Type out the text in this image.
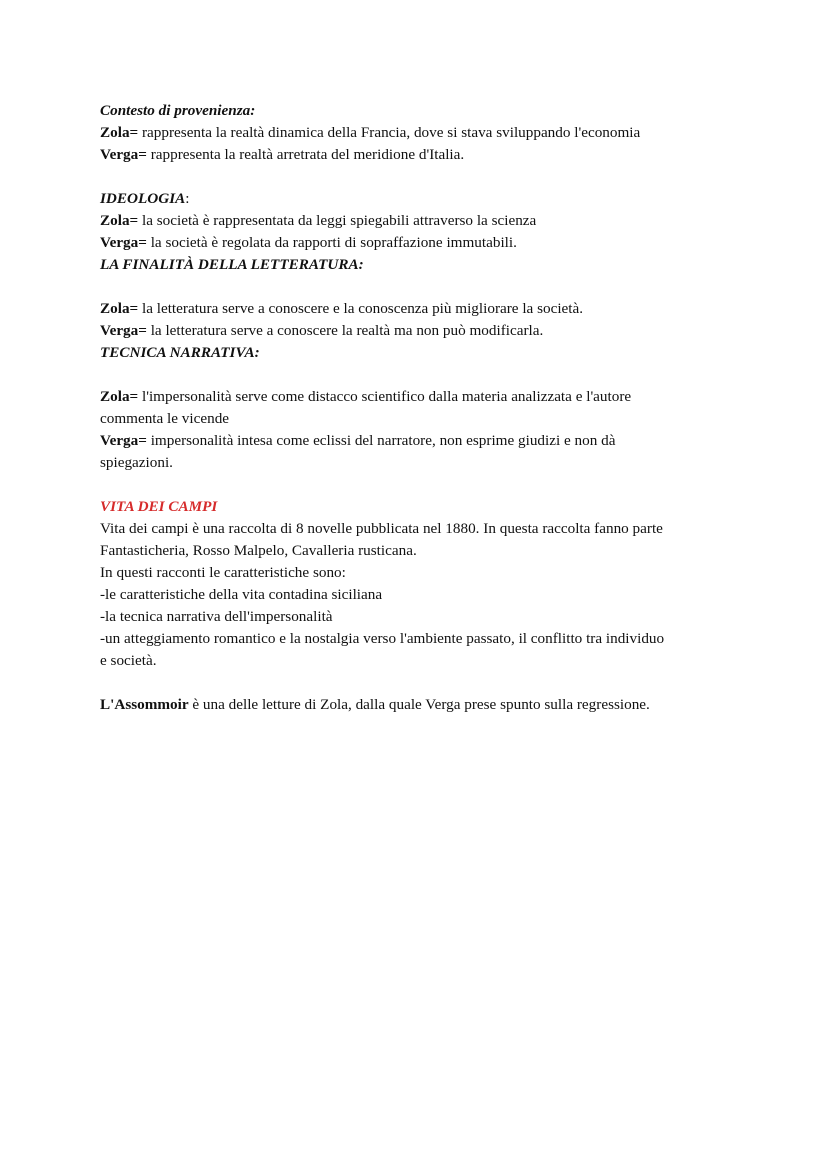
Contesto di provenienza:
Zola= rappresenta la realtà dinamica della Francia, dove si stava sviluppando l'economia
Verga= rappresenta la realtà arretrata del meridione d'Italia.
IDEOLOGIA:
Zola= la società è rappresentata da leggi spiegabili attraverso la scienza
Verga= la società è regolata da rapporti di sopraffazione immutabili.
LA FINALITÀ DELLA LETTERATURA:
Zola= la letteratura serve a conoscere e la conoscenza più migliorare la società.
Verga= la letteratura serve a conoscere la realtà ma non può modificarla.
TECNICA NARRATIVA:
Zola= l'impersonalità serve come distacco scientifico dalla materia analizzata e l'autore
commenta le vicende
Verga= impersonalità intesa come eclissi del narratore, non esprime giudizi e non dà
spiegazioni.
VITA DEI CAMPI
Vita dei campi è una raccolta di 8 novelle pubblicata nel 1880. In questa raccolta fanno parte
Fantasticheria, Rosso Malpelo, Cavalleria rusticana.
In questi racconti le caratteristiche sono:
-le caratteristiche della vita contadina siciliana
-la tecnica narrativa dell'impersonalità
-un atteggiamento romantico e la nostalgia verso l'ambiente passato, il conflitto tra individuo
e società.
L'Assommoir è una delle letture di Zola, dalla quale Verga prese spunto sulla regressione.
